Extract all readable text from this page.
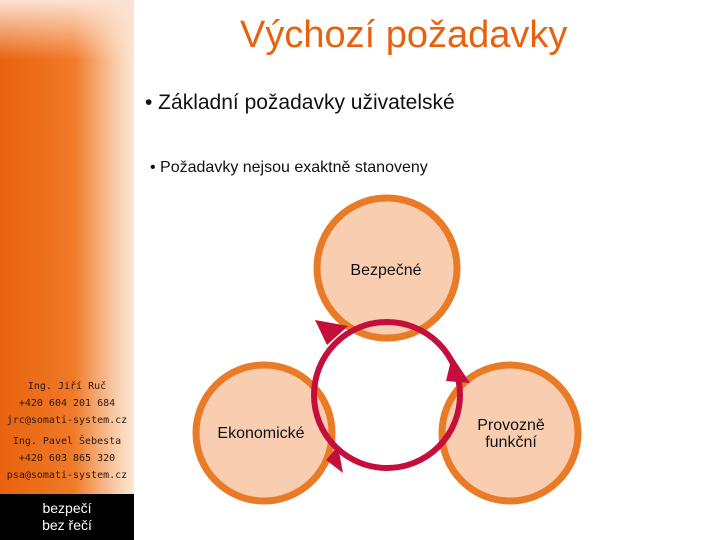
Ing. Jiří Ruč
+420 604 201 684
jrc@somati-system.cz
Ing. Pavel Šebesta
+420 603 865 320
psa@somati-system.cz
bezpečí
bez řečí
Výchozí požadavky
• Základní požadavky uživatelské
• Požadavky nejsou exaktně stanoveny
Bezpečné
Ekonomické	Provozně
funkční
